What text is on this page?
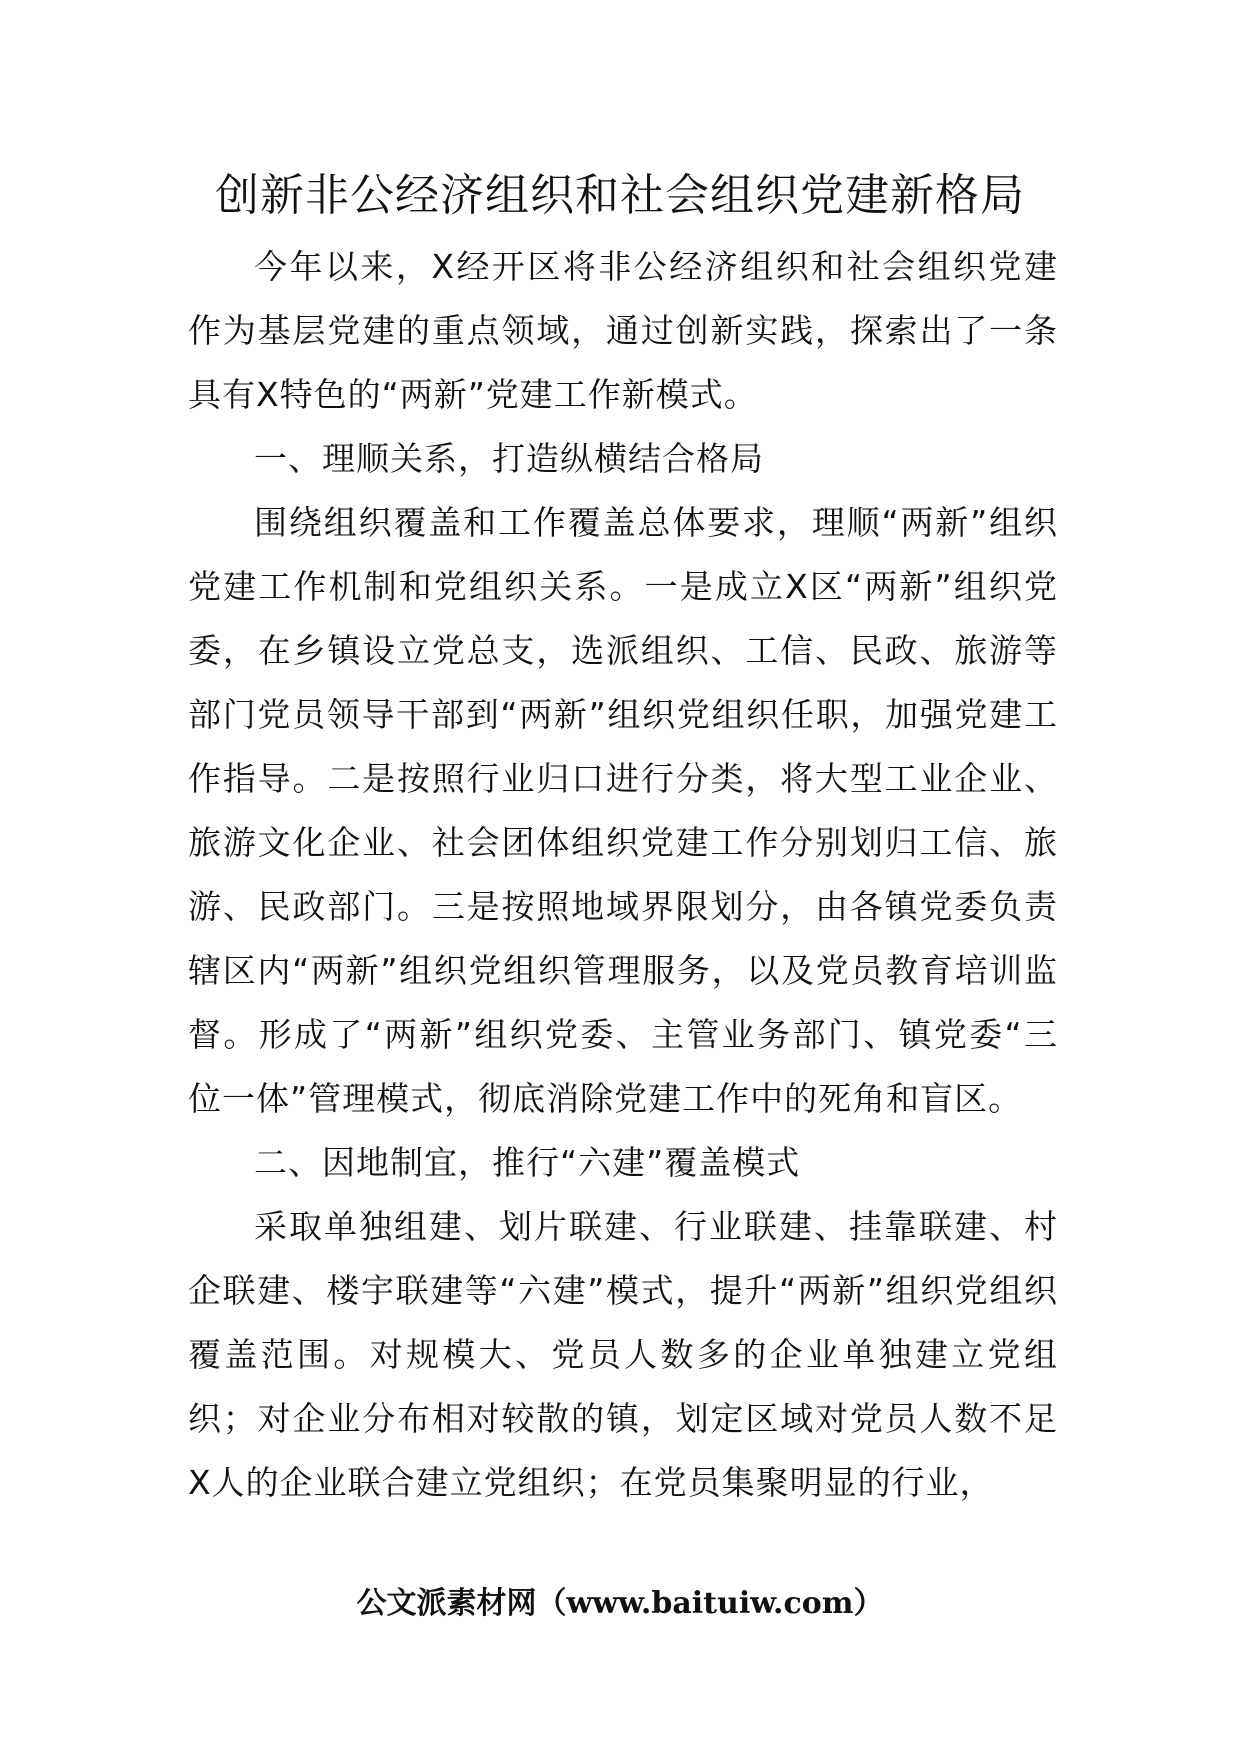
创新非公经济组织和社会组织党建新格局

今年以来，X经开区将非公经济组织和社会组织党建作为基层党建的重点领域，通过创新实践，探索出了一条具有X特色的“两新”党建工作新模式。

一、理顺关系，打造纵横结合格局

围绕组织覆盖和工作覆盖总体要求，理顺“两新”组织党建工作机制和党组织关系。一是成立X区“两新”组织党委，在乡镇设立党总支，选派组织、工信、民政、旅游等部门党员领导干部到“两新”组织党组织任职，加强党建工作指导。二是按照行业归口进行分类，将大型工业企业、旅游文化企业、社会团体组织党建工作分别划归工信、旅游、民政部门。三是按照地域界限划分，由各镇党委负责辖区内“两新”组织党组织管理服务，以及党员教育培训监督。形成了“两新”组织党委、主管业务部门、镇党委“三位一体”管理模式，彻底消除党建工作中的死角和盲区。

二、因地制宜，推行“六建”覆盖模式

采取单独组建、划片联建、行业联建、挂靠联建、村企联建、楼宇联建等“六建”模式，提升“两新”组织党组织覆盖范围。对规模大、党员人数多的企业单独建立党组织；对企业分布相对较散的镇，划定区域对党员人数不足X人的企业联合建立党组织；在党员集聚明显的行业，

公文派素材网（www.baituiw.com）
